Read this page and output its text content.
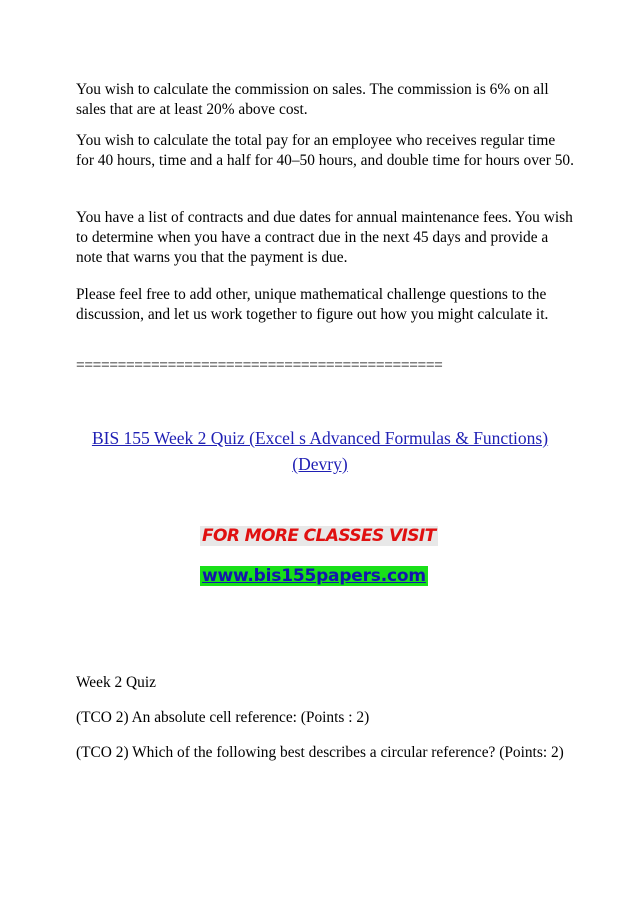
You wish to calculate the commission on sales. The commission is 6% on all sales that are at least 20% above cost.

You wish to calculate the total pay for an employee who receives regular time for 40 hours, time and a half for 40–50 hours, and double time for hours over 50.

You have a list of contracts and due dates for annual maintenance fees. You wish to determine when you have a contract due in the next 45 days and provide a note that warns you that the payment is due.

Please feel free to add other, unique mathematical challenge questions to the discussion, and let us work together to figure out how you might calculate it.

============================================
BIS 155 Week 2 Quiz (Excel s Advanced Formulas & Functions) (Devry)
FOR MORE CLASSES VISIT
www.bis155papers.com

Week 2 Quiz

(TCO 2) An absolute cell reference: (Points : 2)

(TCO 2) Which of the following best describes a circular reference? (Points: 2)
